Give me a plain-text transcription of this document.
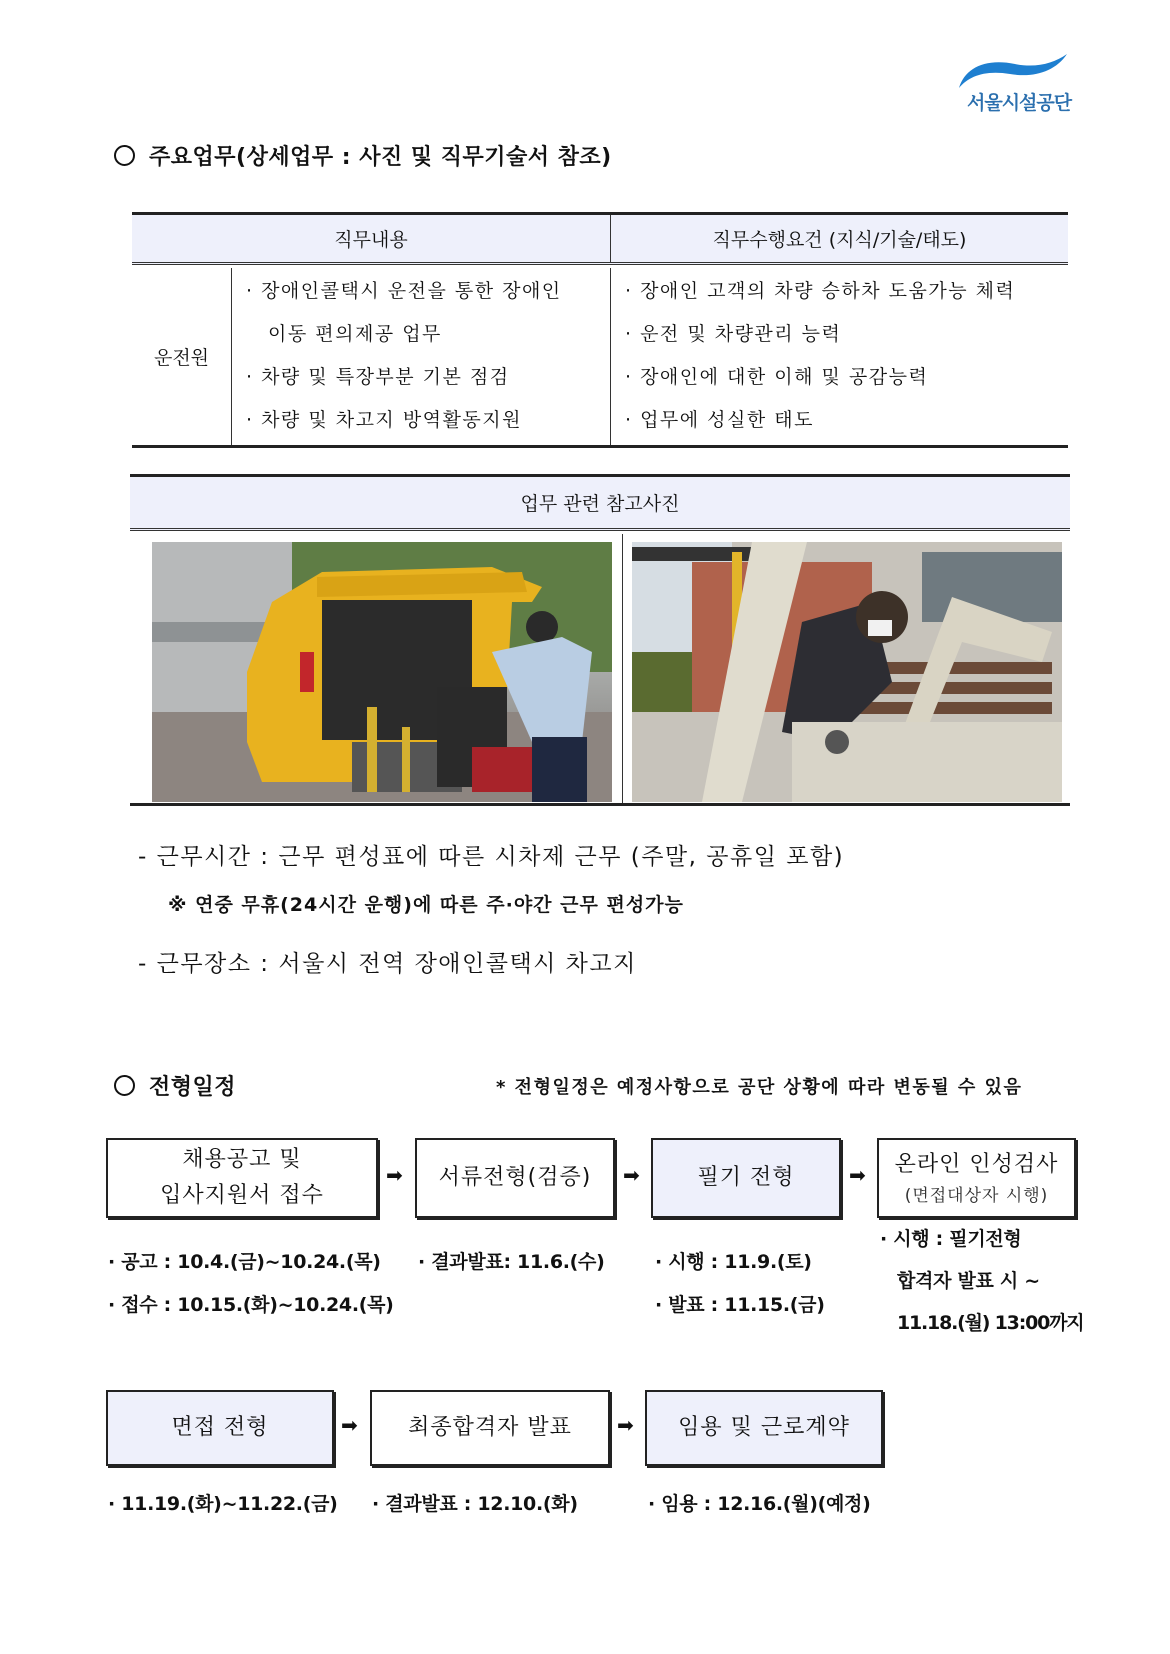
서울시설공단
주요업무(상세업무 : 사진 및 직무기술서 참조)
직무내용	직무수행요건 (지식/기술/태도)
운전원
· 장애인콜택시 운전을 통한 장애인
이동 편의제공 업무
· 차량 및 특장부분 기본 점검
· 차량 및 차고지 방역활동지원
· 장애인 고객의 차량 승하차 도움가능 체력
· 운전 및 차량관리 능력
· 장애인에 대한 이해 및 공감능력
· 업무에 성실한 태도
업무 관련 참고사진
- 근무시간 : 근무 편성표에 따른 시차제 근무 (주말, 공휴일 포함)
※ 연중 무휴(24시간 운행)에 따른 주·야간 근무 편성가능
- 근무장소 : 서울시 전역 장애인콜택시 차고지
전형일정	* 전형일정은 예정사항으로 공단 상황에 따라 변동될 수 있음
채용공고 및
입사지원서 접수
➡ 서류전형(검증) ➡	필기 전형	➡ 온라인 인성검사
(면접대상자 시행)
· 공고 : 10.4.(금)~10.24.(목)
· 접수 : 10.15.(화)~10.24.(목)
· 결과발표: 11.6.(수)	· 시행 : 11.9.(토)
· 발표 : 11.15.(금)
· 시행 : 필기전형
합격자 발표 시 ~
11.18.(월) 13:00까지
면접 전형	➡ 최종합격자 발표 ➡ 임용 및 근로계약
· 11.19.(화)~11.22.(금) · 결과발표 : 12.10.(화)	· 임용 : 12.16.(월)(예정)
